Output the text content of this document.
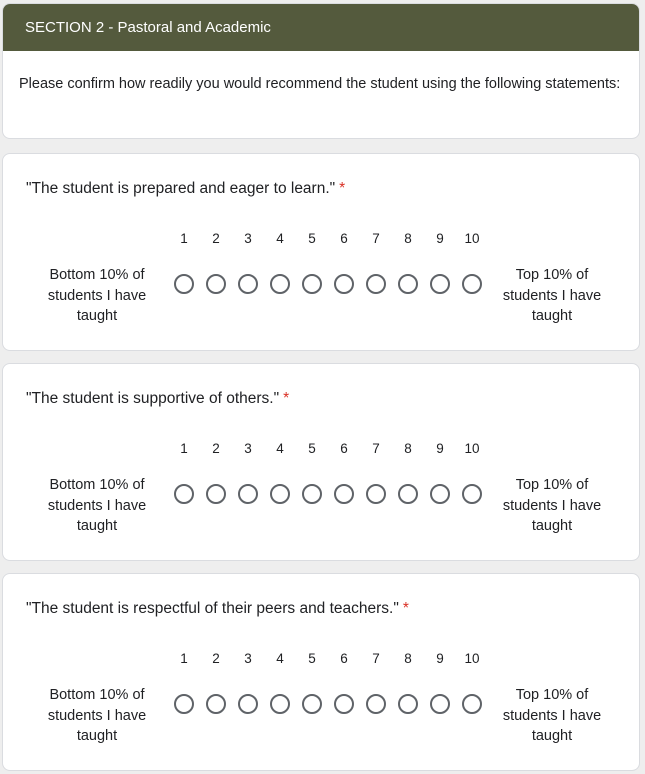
SECTION 2 - Pastoral and Academic
Please confirm how readily you would recommend the student using the following statements:
"The student is prepared and eager to learn." *
1	2	3	4	5	6	7	8	9	10
Bottom 10% of students I have taught
Top 10% of students I have taught
"The student is supportive of others." *
1	2	3	4	5	6	7	8	9	10
Bottom 10% of students I have taught
Top 10% of students I have taught
"The student is respectful of their peers and teachers." *
1	2	3	4	5	6	7	8	9	10
Bottom 10% of students I have taught
Top 10% of students I have taught
